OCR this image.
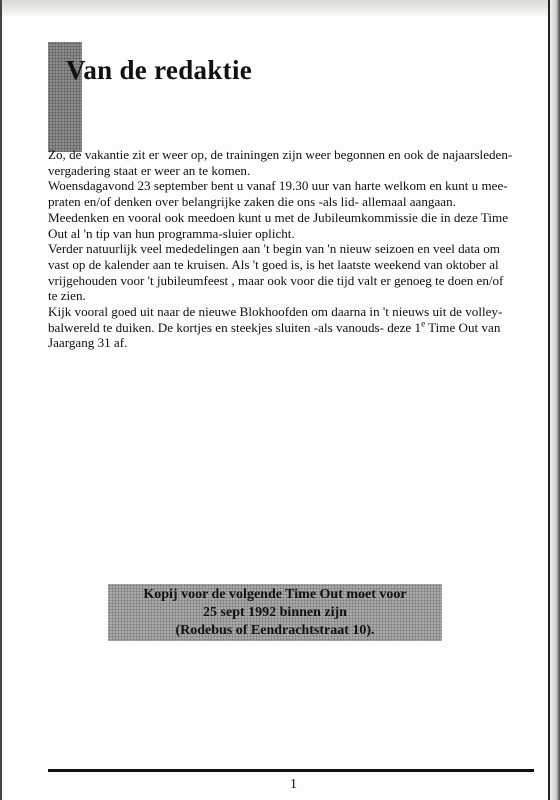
Van de redaktie
Zo, de vakantie zit er weer op, de trainingen zijn weer begonnen en ook de najaarsleden-
vergadering staat er weer an te komen.
Woensdagavond 23 september bent u vanaf 19.30 uur van harte welkom en kunt u mee-
praten en/of denken over belangrijke zaken die ons -als lid- allemaal aangaan.
Meedenken en vooral ook meedoen kunt u met de Jubileumkommissie die in deze Time
Out al 'n tip van hun programma-sluier oplicht.
Verder natuurlijk veel mededelingen aan 't begin van 'n nieuw seizoen en veel data om
vast op de kalender aan te kruisen. Als 't goed is, is het laatste weekend van oktober al
vrijgehouden voor 't jubileumfeest , maar ook voor die tijd valt er genoeg te doen en/of
te zien.
Kijk vooral goed uit naar de nieuwe Blokhoofden om daarna in 't nieuws uit de volley-
balwereld te duiken. De kortjes en steekjes sluiten -als vanouds- deze 1e Time Out van
Jaargang 31 af.
Kopij voor de volgende Time Out moet voor
25 sept 1992 binnen zijn
(Rodebus of Eendrachtstraat 10).
1
